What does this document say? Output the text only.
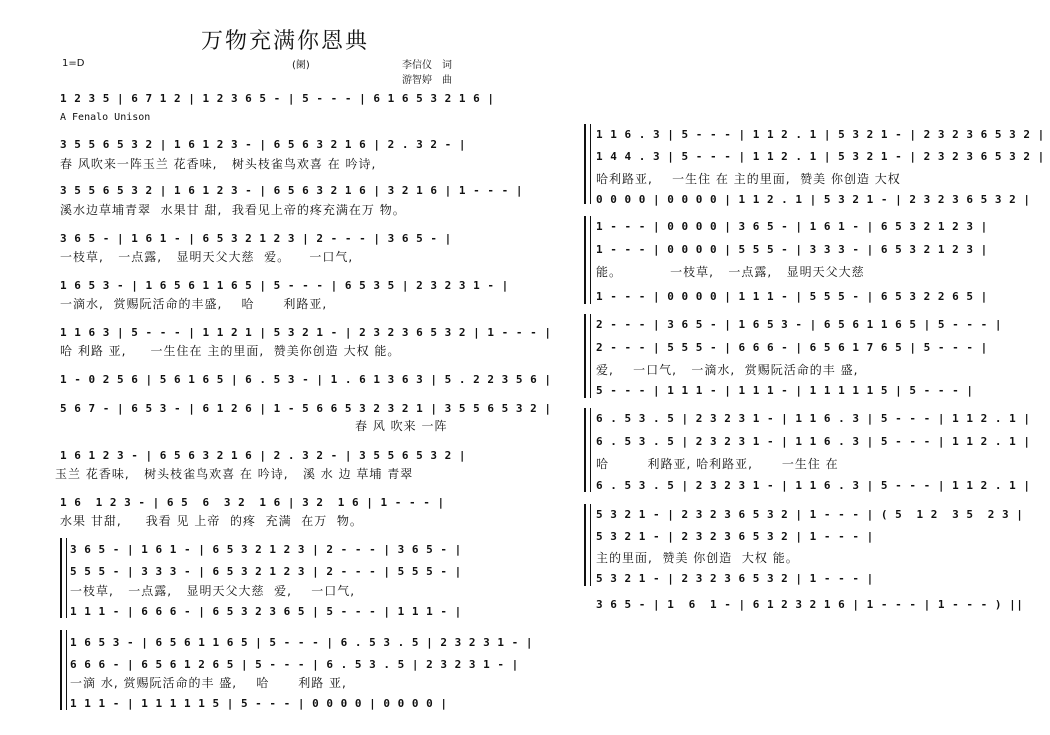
万物充满你恩典
1=D	(阑)	李信仪　词
游智婷　曲
A Fenalo Unison
1 2 3 5 | 6 7 1 2 | 1 2 3 6 5 - | 5 - - - | 6 1 6 5 3 2 1 6 |
3 5 5 6 5 3 2 | 1 6 1 2 3 - | 6 5 6 3 2 1 6 | 2 . 3 2 - |
春 风吹来一阵玉兰 花香味,   树头枝雀鸟欢喜 在 吟诗,
3 5 5 6 5 3 2 | 1 6 1 2 3 - | 6 5 6 3 2 1 6 | 3 2 1 6 | 1 - - - |
溪水边草埔青翠  水果甘 甜,  我看见上帝的疼充满在万 物。
3 6 5 - | 1 6 1 - | 6 5 3 2 1 2 3 | 2 - - - | 3 6 5 - |
一枝草,   一点露,   显明天父大慈  爱。    一口气,
1 6 5 3 - | 1 6 5 6 1 1 6 5 | 5 - - - | 6 5 3 5 | 2 3 2 3 1 - |
一滴水,  赏赐阮活命的丰盛,    哈      利路亚,
1 1 6 3 | 5 - - - | 1 1 2 1 | 5 3 2 1 - | 2 3 2 3 6 5 3 2 | 1 - - - |
哈 利路 亚,     一生住在 主的里面,  赞美你创造 大权 能。
1 - 0 2 5 6 | 5 6 1 6 5 | 6 . 5 3 - | 1 . 6 1 3 6 3 | 5 . 2 2 3 5 6 |
5 6 7 - | 6 5 3 - | 6 1 2 6 | 1 - 5 6 6 5 3 2 3 2 1 | 3 5 5 6 5 3 2 |
春 风 吹来 一阵
1 6 1 2 3 - | 6 5 6 3 2 1 6 | 2 . 3 2 - | 3 5 5 6 5 3 2 |
玉兰 花香味,   树头枝雀鸟欢喜 在 吟诗,   溪 水 边 草埔 青翠
1 6  1 2 3 - | 6 5  6  3 2  1 6 | 3 2  1 6 | 1 - - - |
水果 甘甜,     我看 见 上帝  的疼  充满  在万  物。
3 6 5 - | 1 6 1 - | 6 5 3 2 1 2 3 | 2 - - - | 3 6 5 - |
5 5 5 - | 3 3 3 - | 6 5 3 2 1 2 3 | 2 - - - | 5 5 5 - |
一枝草,   一点露,   显明天父大慈  爱,    一口气,
1 1 1 - | 6 6 6 - | 6 5 3 2 3 6 5 | 5 - - - | 1 1 1 - |
1 6 5 3 - | 6 5 6 1 1 6 5 | 5 - - - | 6 . 5 3 . 5 | 2 3 2 3 1 - |
6 6 6 - | 6 5 6 1 2 6 5 | 5 - - - | 6 . 5 3 . 5 | 2 3 2 3 1 - |
一滴 水, 赏赐阮活命的丰 盛,    哈      利路 亚,
1 1 1 - | 1 1 1 1 1 5 | 5 - - - | 0 0 0 0 | 0 0 0 0 |
1 1 6 . 3 | 5 - - - | 1 1 2 . 1 | 5 3 2 1 - | 2 3 2 3 6 5 3 2 |
1 4 4 . 3 | 5 - - - | 1 1 2 . 1 | 5 3 2 1 - | 2 3 2 3 6 5 3 2 |
哈利路亚,    一生住 在 主的里面,  赞美 你创造 大权
0 0 0 0 | 0 0 0 0 | 1 1 2 . 1 | 5 3 2 1 - | 2 3 2 3 6 5 3 2 |
1 - - - | 0 0 0 0 | 3 6 5 - | 1 6 1 - | 6 5 3 2 1 2 3 |
1 - - - | 0 0 0 0 | 5 5 5 - | 3 3 3 - | 6 5 3 2 1 2 3 |
能。          一枝草,   一点露,   显明天父大慈
1 - - - | 0 0 0 0 | 1 1 1 - | 5 5 5 - | 6 5 3 2 2 6 5 |
2 - - - | 3 6 5 - | 1 6 5 3 - | 6 5 6 1 1 6 5 | 5 - - - |
2 - - - | 5 5 5 - | 6 6 6 - | 6 5 6 1 7 6 5 | 5 - - - |
爱,    一口气,   一滴水,  赏赐阮活命的丰 盛,
5 - - - | 1 1 1 - | 1 1 1 - | 1 1 1 1 1 5 | 5 - - - |
6 . 5 3 . 5 | 2 3 2 3 1 - | 1 1 6 . 3 | 5 - - - | 1 1 2 . 1 |
6 . 5 3 . 5 | 2 3 2 3 1 - | 1 1 6 . 3 | 5 - - - | 1 1 2 . 1 |
哈        利路亚, 哈利路亚,      一生住 在
6 . 5 3 . 5 | 2 3 2 3 1 - | 1 1 6 . 3 | 5 - - - | 1 1 2 . 1 |
5 3 2 1 - | 2 3 2 3 6 5 3 2 | 1 - - - | ( 5  1 2  3 5  2 3 |
5 3 2 1 - | 2 3 2 3 6 5 3 2 | 1 - - - |
主的里面,  赞美 你创造  大权 能。
5 3 2 1 - | 2 3 2 3 6 5 3 2 | 1 - - - |
3 6 5 - | 1  6  1 - | 6 1 2 3 2 1 6 | 1 - - - | 1 - - - ) ||
